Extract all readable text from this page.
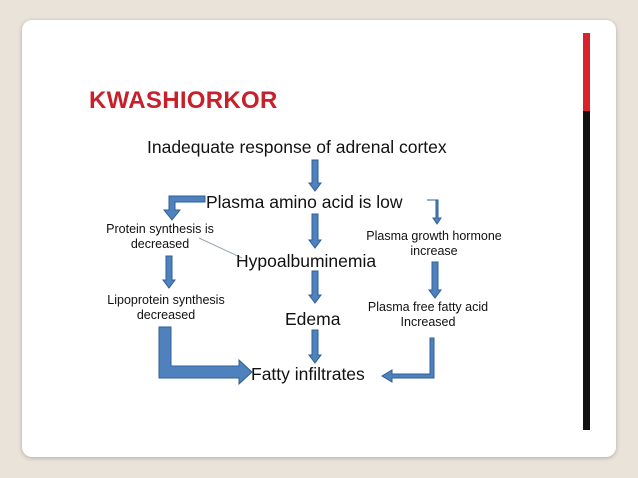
KWASHIORKOR
Inadequate response of adrenal cortex
Plasma amino acid is low
Protein synthesis is
decreased
Hypoalbuminemia
Plasma growth hormone
increase
Lipoprotein synthesis
decreased	Edema
Plasma free fatty acid
Increased
Fatty infiltrates
